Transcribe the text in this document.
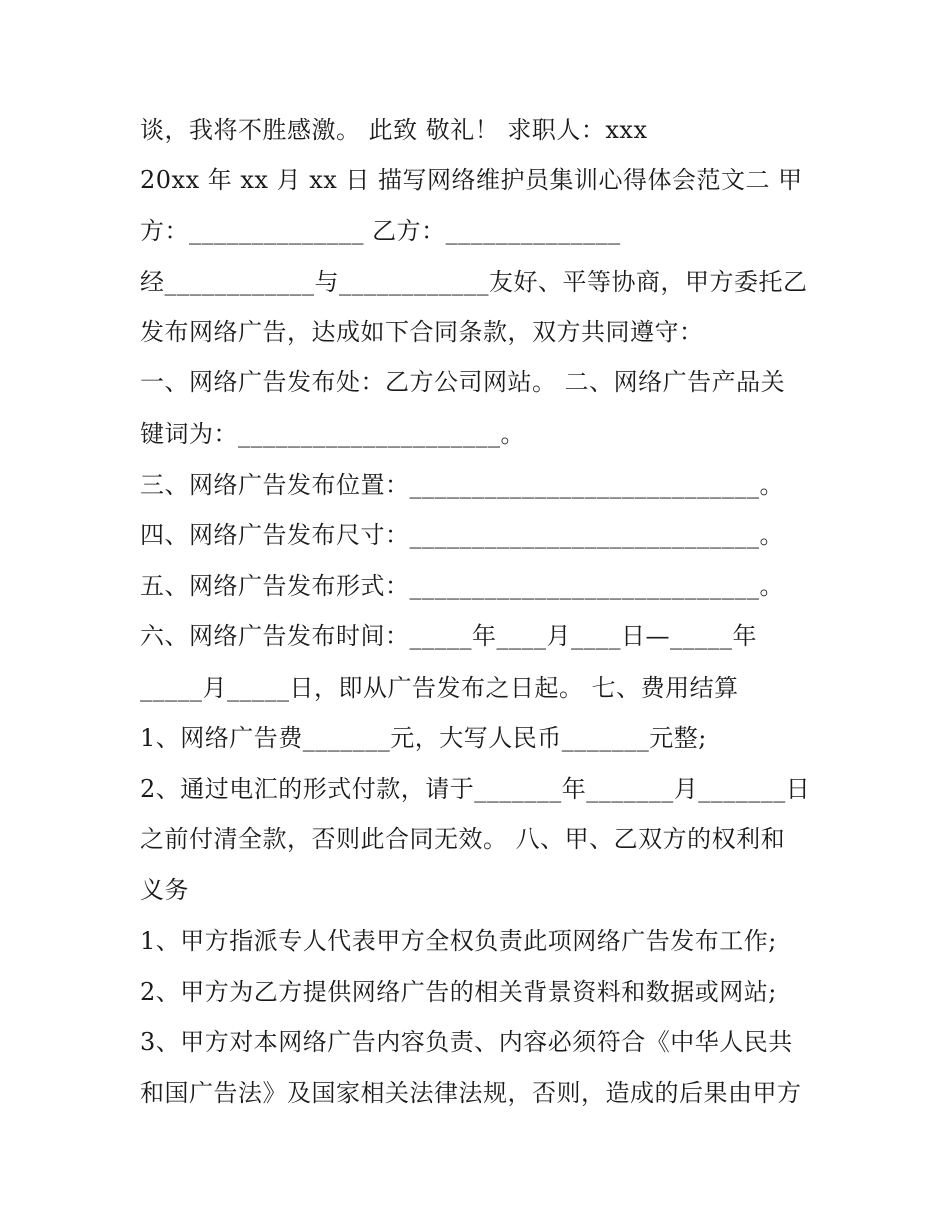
谈，我将不胜感激。 此致 敬礼！ 求职人：xxx
20xx 年 xx 月 xx 日 描写网络维护员集训心得体会范文二 甲
方：______________ 乙方：______________
经____________与____________友好、平等协商，甲方委托乙
发布网络广告，达成如下合同条款，双方共同遵守：
一、网络广告发布处：乙方公司网站。 二、网络广告产品关
键词为：_____________________。
三、网络广告发布位置：____________________________。
四、网络广告发布尺寸：____________________________。
五、网络广告发布形式：____________________________。
六、网络广告发布时间：_____年____月____日—_____年
_____月_____日，即从广告发布之日起。 七、费用结算
1、网络广告费_______元，大写人民币_______元整;
2、通过电汇的形式付款，请于_______年_______月_______日
之前付清全款，否则此合同无效。 八、甲、乙双方的权利和
义务
1、甲方指派专人代表甲方全权负责此项网络广告发布工作;
2、甲方为乙方提供网络广告的相关背景资料和数据或网站;
3、甲方对本网络广告内容负责、内容必须符合《中华人民共
和国广告法》及国家相关法律法规，否则，造成的后果由甲方
